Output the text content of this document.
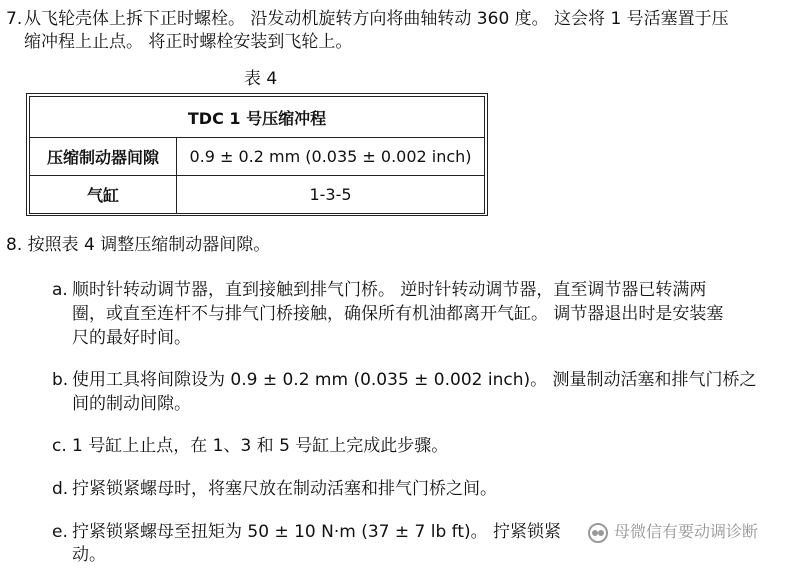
7. 从飞轮壳体上拆下正时螺栓。 沿发动机旋转方向将曲轴转动 360 度。 这会将 1 号活塞置于压
缩冲程上止点。 将正时螺栓安装到飞轮上。
表 4
TDC 1 号压缩冲程	
压缩制动器间隙	0.9 ± 0.2 mm (0.035 ± 0.002 inch)
气缸	1-3-5
8. 按照表 4 调整压缩制动器间隙。
a. 顺时针转动调节器，直到接触到排气门桥。 逆时针转动调节器，直至调节器已转满两
圈，或直至连杆不与排气门桥接触，确保所有机油都离开气缸。 调节器退出时是安装塞
尺的最好时间。
b. 使用工具将间隙设为 0.9 ± 0.2 mm (0.035 ± 0.002 inch)。 测量制动活塞和排气门桥之
间的制动间隙。
c. 1 号缸上止点，在 1、3 和 5 号缸上完成此步骤。
d. 拧紧锁紧螺母时，将塞尺放在制动活塞和排气门桥之间。
e. 拧紧锁紧螺母至扭矩为 50 ± 10 N·m (37 ± 7 lb ft)。 拧紧锁紧
动。
母微信有要动调诊断
